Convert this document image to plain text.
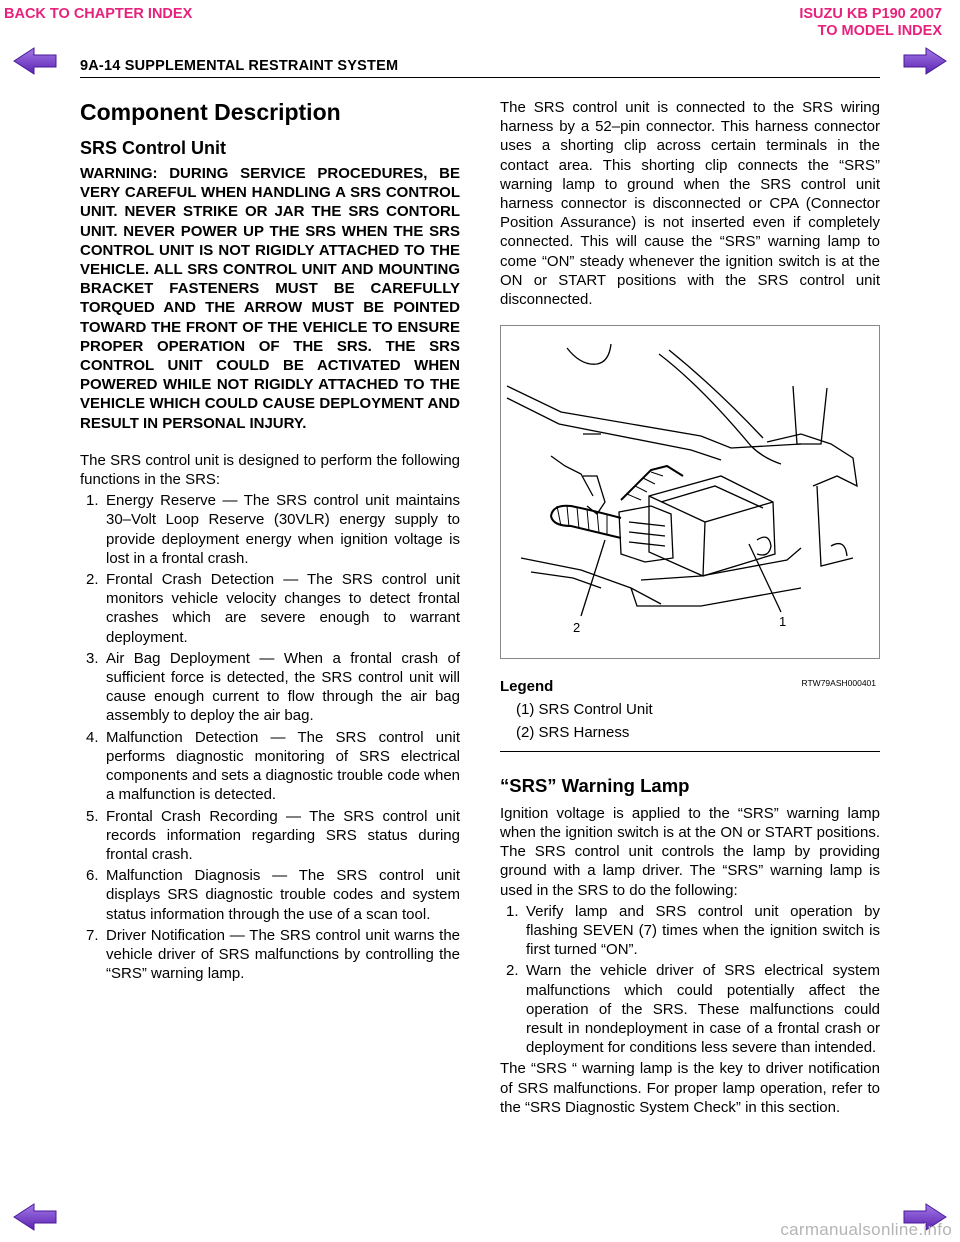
BACK TO CHAPTER INDEX	ISUZU KB P190 2007
TO MODEL INDEX
9A-14 SUPPLEMENTAL RESTRAINT SYSTEM
Component Description
SRS Control Unit

WARNING: DURING SERVICE PROCEDURES, BE VERY CAREFUL WHEN HANDLING A SRS CONTROL UNIT. NEVER STRIKE OR JAR THE SRS CONTORL UNIT. NEVER POWER UP THE SRS WHEN THE SRS CONTROL UNIT IS NOT RIGIDLY ATTACHED TO THE VEHICLE. ALL SRS CONTROL UNIT AND MOUNTING BRACKET FASTENERS MUST BE CAREFULLY TORQUED AND THE ARROW MUST BE POINTED TOWARD THE FRONT OF THE VEHICLE TO ENSURE PROPER OPERATION OF THE SRS. THE SRS CONTROL UNIT COULD BE ACTIVATED WHEN POWERED WHILE NOT RIGIDLY ATTACHED TO THE VEHICLE WHICH COULD CAUSE DEPLOYMENT AND RESULT IN PERSONAL INJURY.

The SRS control unit is designed to perform the following functions in the SRS:

1. Energy Reserve — The SRS control unit maintains 30–Volt Loop Reserve (30VLR) energy supply to provide deployment energy when ignition voltage is lost in a frontal crash.
2. Frontal Crash Detection — The SRS control unit monitors vehicle velocity changes to detect frontal crashes which are severe enough to warrant deployment.
3. Air Bag Deployment — When a frontal crash of sufficient force is detected, the SRS control unit will cause enough current to flow through the air bag assembly to deploy the air bag.
4. Malfunction Detection — The SRS control unit performs diagnostic monitoring of SRS electrical components and sets a diagnostic trouble code when a malfunction is detected.
5. Frontal Crash Recording — The SRS control unit records information regarding SRS status during frontal crash.
6. Malfunction Diagnosis — The SRS control unit displays SRS diagnostic trouble codes and system status information through the use of a scan tool.
7. Driver Notification — The SRS control unit warns the vehicle driver of SRS malfunctions by controlling the “SRS” warning lamp.

The SRS control unit is connected to the SRS wiring harness by a 52–pin connector. This harness connector uses a shorting clip across certain terminals in the contact area. This shorting clip connects the “SRS” warning lamp to ground when the SRS control unit harness connector is disconnected or CPA (Connector Position Assurance) is not inserted even if completely connected. This will cause the “SRS” warning lamp to come “ON” steady whenever the ignition switch is at the ON or START positions with the SRS control unit disconnected.

2	1
RTW79ASH000401
Legend
(1) SRS Control Unit
(2) SRS Harness
“SRS” Warning Lamp

Ignition voltage is applied to the “SRS” warning lamp when the ignition switch is at the ON or START positions. The SRS control unit controls the lamp by providing ground with a lamp driver. The “SRS” warning lamp is used in the SRS to do the following:

1. Verify lamp and SRS control unit operation by flashing SEVEN (7) times when the ignition switch is first turned “ON”.
2. Warn the vehicle driver of SRS electrical system malfunctions which could potentially affect the operation of the SRS. These malfunctions could result in nondeployment in case of a frontal crash or deployment for conditions less severe than intended.

The “SRS “ warning lamp is the key to driver notification of SRS malfunctions. For proper lamp operation, refer to the “SRS Diagnostic System Check” in this section.

carmanualsonline.info
